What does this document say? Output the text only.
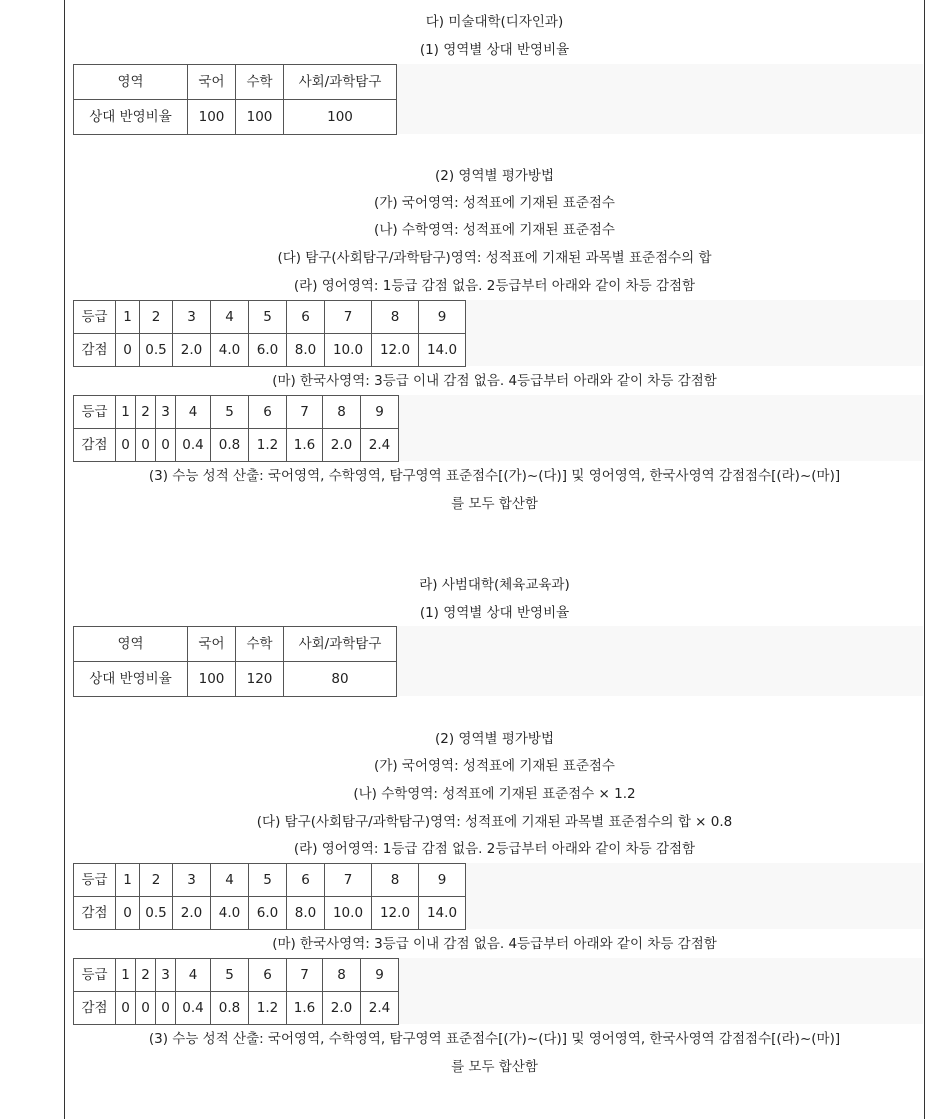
다) 미술대학(디자인과)
(1) 영역별 상대 반영비율
영역	국어	수학	사회/과학탐구
상대 반영비율	100	100	100
(2) 영역별 평가방법
(가) 국어영역: 성적표에 기재된 표준점수
(나) 수학영역: 성적표에 기재된 표준점수
(다) 탐구(사회탐구/과학탐구)영역: 성적표에 기재된 과목별 표준점수의 합
(라) 영어영역: 1등급 감점 없음. 2등급부터 아래와 같이 차등 감점함
등급	1	2	3	4	5	6	7	8	9
감점	0	0.5	2.0	4.0	6.0	8.0	10.0	12.0	14.0
(마) 한국사영역: 3등급 이내 감점 없음. 4등급부터 아래와 같이 차등 감점함
등급	1	2	3	4	5	6	7	8	9
감점	0	0	0	0.4	0.8	1.2	1.6	2.0	2.4
(3) 수능 성적 산출: 국어영역, 수학영역, 탐구영역 표준점수[(가)~(다)] 및 영어영역, 한국사영역 감점점수[(라)~(마)]
를 모두 합산함
라) 사범대학(체육교육과)
(1) 영역별 상대 반영비율
영역	국어	수학	사회/과학탐구
상대 반영비율	100	120	80
(2) 영역별 평가방법
(가) 국어영역: 성적표에 기재된 표준점수
(나) 수학영역: 성적표에 기재된 표준점수 × 1.2
(다) 탐구(사회탐구/과학탐구)영역: 성적표에 기재된 과목별 표준점수의 합 × 0.8
(라) 영어영역: 1등급 감점 없음. 2등급부터 아래와 같이 차등 감점함
등급	1	2	3	4	5	6	7	8	9
감점	0	0.5	2.0	4.0	6.0	8.0	10.0	12.0	14.0
(마) 한국사영역: 3등급 이내 감점 없음. 4등급부터 아래와 같이 차등 감점함
등급	1	2	3	4	5	6	7	8	9
감점	0	0	0	0.4	0.8	1.2	1.6	2.0	2.4
(3) 수능 성적 산출: 국어영역, 수학영역, 탐구영역 표준점수[(가)~(다)] 및 영어영역, 한국사영역 감점점수[(라)~(마)]
를 모두 합산함
